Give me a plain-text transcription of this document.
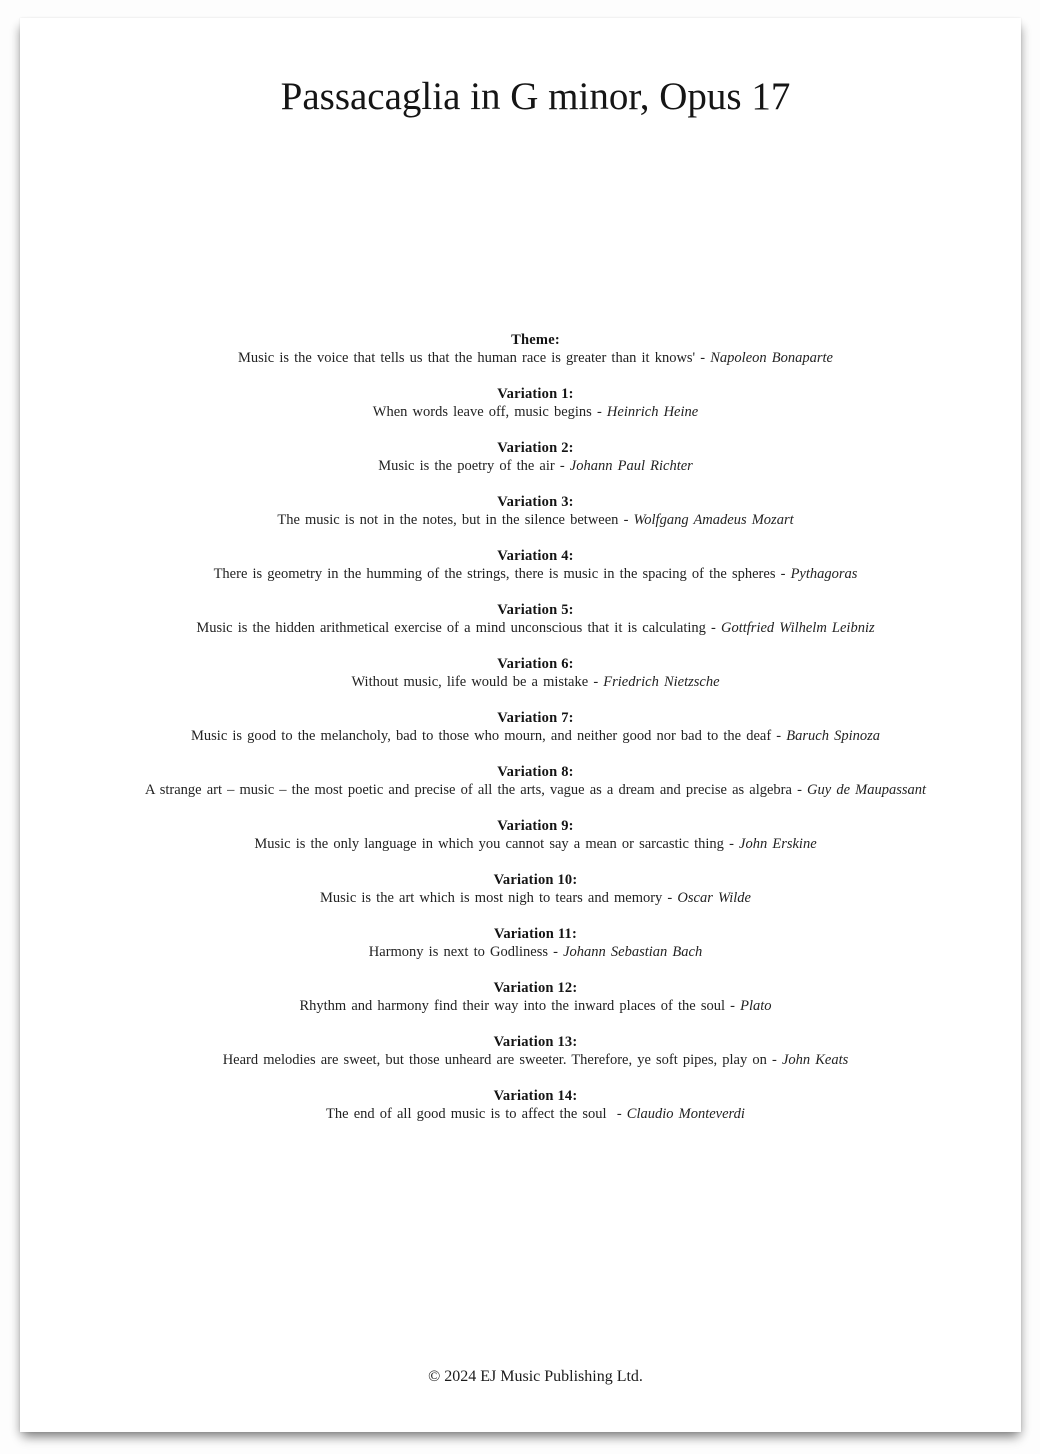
Passacaglia in G minor, Opus 17
Theme:
Music is the voice that tells us that the human race is greater than it knows' - Napoleon Bonaparte
Variation 1:
When words leave off, music begins - Heinrich Heine
Variation 2:
Music is the poetry of the air - Johann Paul Richter
Variation 3:
The music is not in the notes, but in the silence between - Wolfgang Amadeus Mozart
Variation 4:
There is geometry in the humming of the strings, there is music in the spacing of the spheres - Pythagoras
Variation 5:
Music is the hidden arithmetical exercise of a mind unconscious that it is calculating - Gottfried Wilhelm Leibniz
Variation 6:
Without music, life would be a mistake - Friedrich Nietzsche
Variation 7:
Music is good to the melancholy, bad to those who mourn, and neither good nor bad to the deaf - Baruch Spinoza
Variation 8:
A strange art – music – the most poetic and precise of all the arts, vague as a dream and precise as algebra - Guy de Maupassant
Variation 9:
Music is the only language in which you cannot say a mean or sarcastic thing - John Erskine
Variation 10:
Music is the art which is most nigh to tears and memory - Oscar Wilde
Variation 11:
Harmony is next to Godliness - Johann Sebastian Bach
Variation 12:
Rhythm and harmony find their way into the inward places of the soul - Plato
Variation 13:
Heard melodies are sweet, but those unheard are sweeter. Therefore, ye soft pipes, play on - John Keats
Variation 14:
The end of all good music is to affect the soul  - Claudio Monteverdi
© 2024 EJ Music Publishing Ltd.
